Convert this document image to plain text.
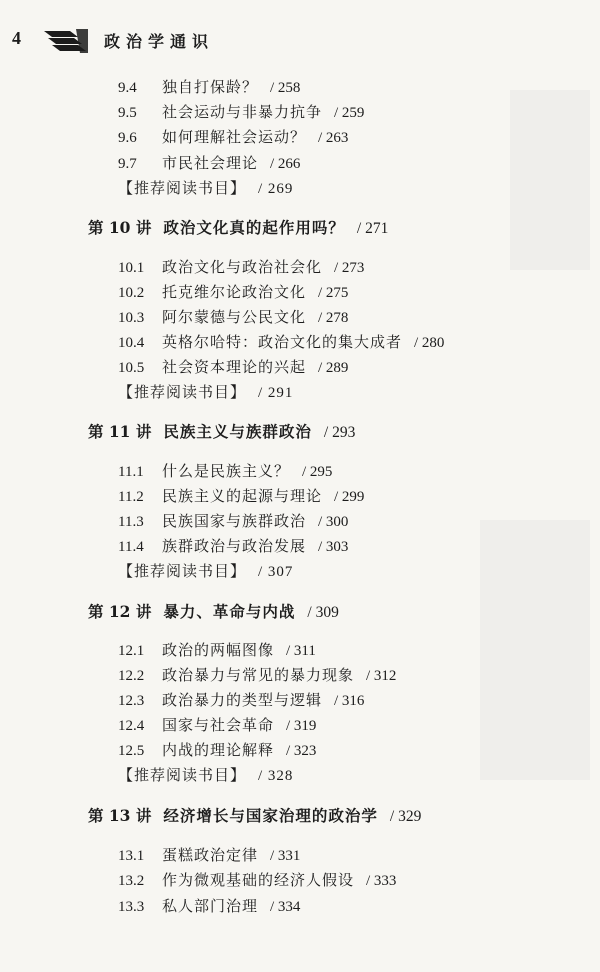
4	政治学通识
9.4 独自打保龄？ / 258
9.5 社会运动与非暴力抗争 / 259
9.6 如何理解社会运动？ / 263
9.7 市民社会理论 / 266
【推荐阅读书目】 / 269
第 10 讲 政治文化真的起作用吗？ / 271
10.1 政治文化与政治社会化 / 273
10.2 托克维尔论政治文化 / 275
10.3 阿尔蒙德与公民文化 / 278
10.4 英格尔哈特：政治文化的集大成者 / 280
10.5 社会资本理论的兴起 / 289
【推荐阅读书目】 / 291
第 11 讲 民族主义与族群政治 / 293
11.1 什么是民族主义？ / 295
11.2 民族主义的起源与理论 / 299
11.3 民族国家与族群政治 / 300
11.4 族群政治与政治发展 / 303
【推荐阅读书目】 / 307
第 12 讲 暴力、革命与内战 / 309
12.1 政治的两幅图像 / 311
12.2 政治暴力与常见的暴力现象 / 312
12.3 政治暴力的类型与逻辑 / 316
12.4 国家与社会革命 / 319
12.5 内战的理论解释 / 323
【推荐阅读书目】 / 328
第 13 讲 经济增长与国家治理的政治学 / 329
13.1 蛋糕政治定律 / 331
13.2 作为微观基础的经济人假设 / 333
13.3 私人部门治理 / 334
